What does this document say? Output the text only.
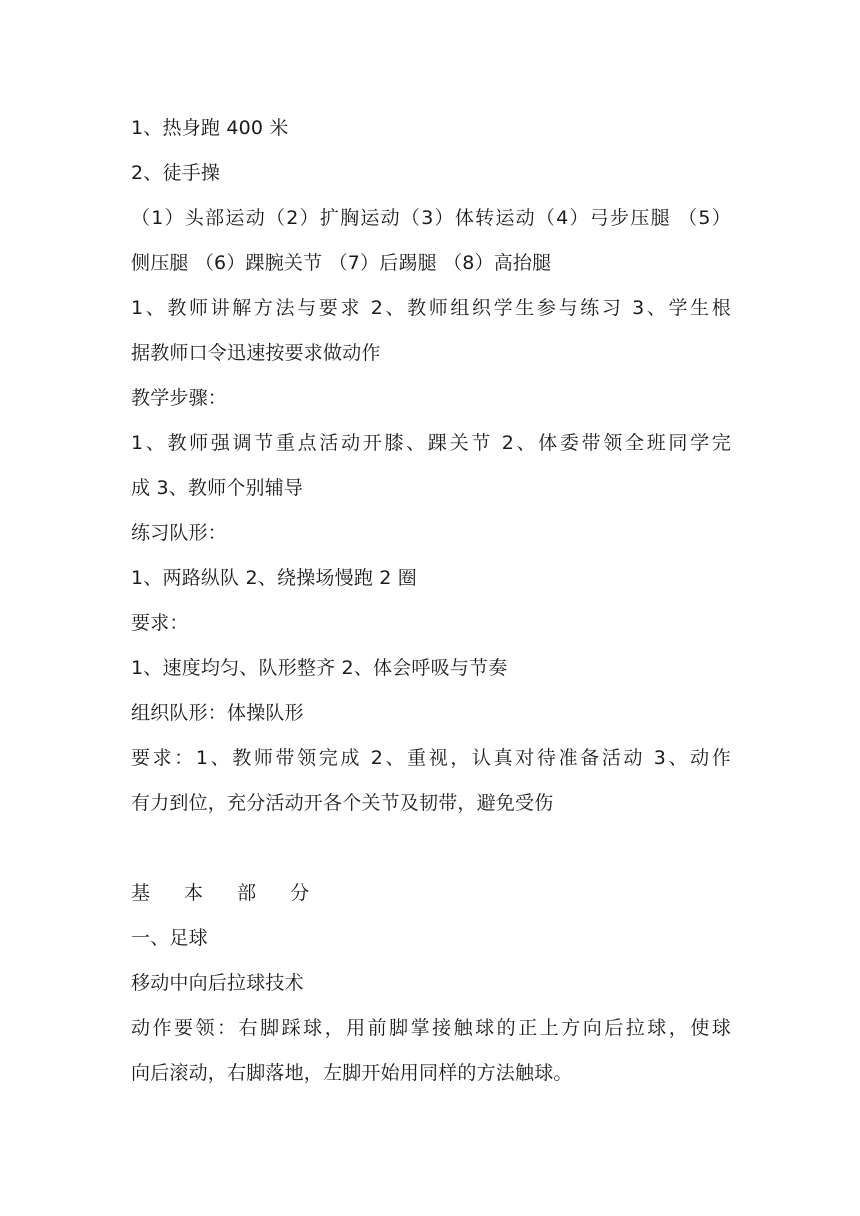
1、热身跑 400 米
2、徒手操
（1）头部运动（2）扩胸运动（3）体转运动（4）弓步压腿 （5）
侧压腿 （6）踝腕关节 （7）后踢腿 （8）高抬腿
1、教师讲解方法与要求 2、教师组织学生参与练习 3、学生根
据教师口令迅速按要求做动作
教学步骤：
1、教师强调节重点活动开膝、踝关节 2、体委带领全班同学完
成 3、教师个别辅导
练习队形：
1、两路纵队 2、绕操场慢跑 2 圈
要求：
1、速度均匀、队形整齐 2、体会呼吸与节奏
组织队形：体操队形
要求：1、教师带领完成 2、重视，认真对待准备活动 3、动作
有力到位，充分活动开各个关节及韧带，避免受伤
基 本 部 分
一、足球
移动中向后拉球技术
动作要领：右脚踩球，用前脚掌接触球的正上方向后拉球，使球
向后滚动，右脚落地，左脚开始用同样的方法触球。
